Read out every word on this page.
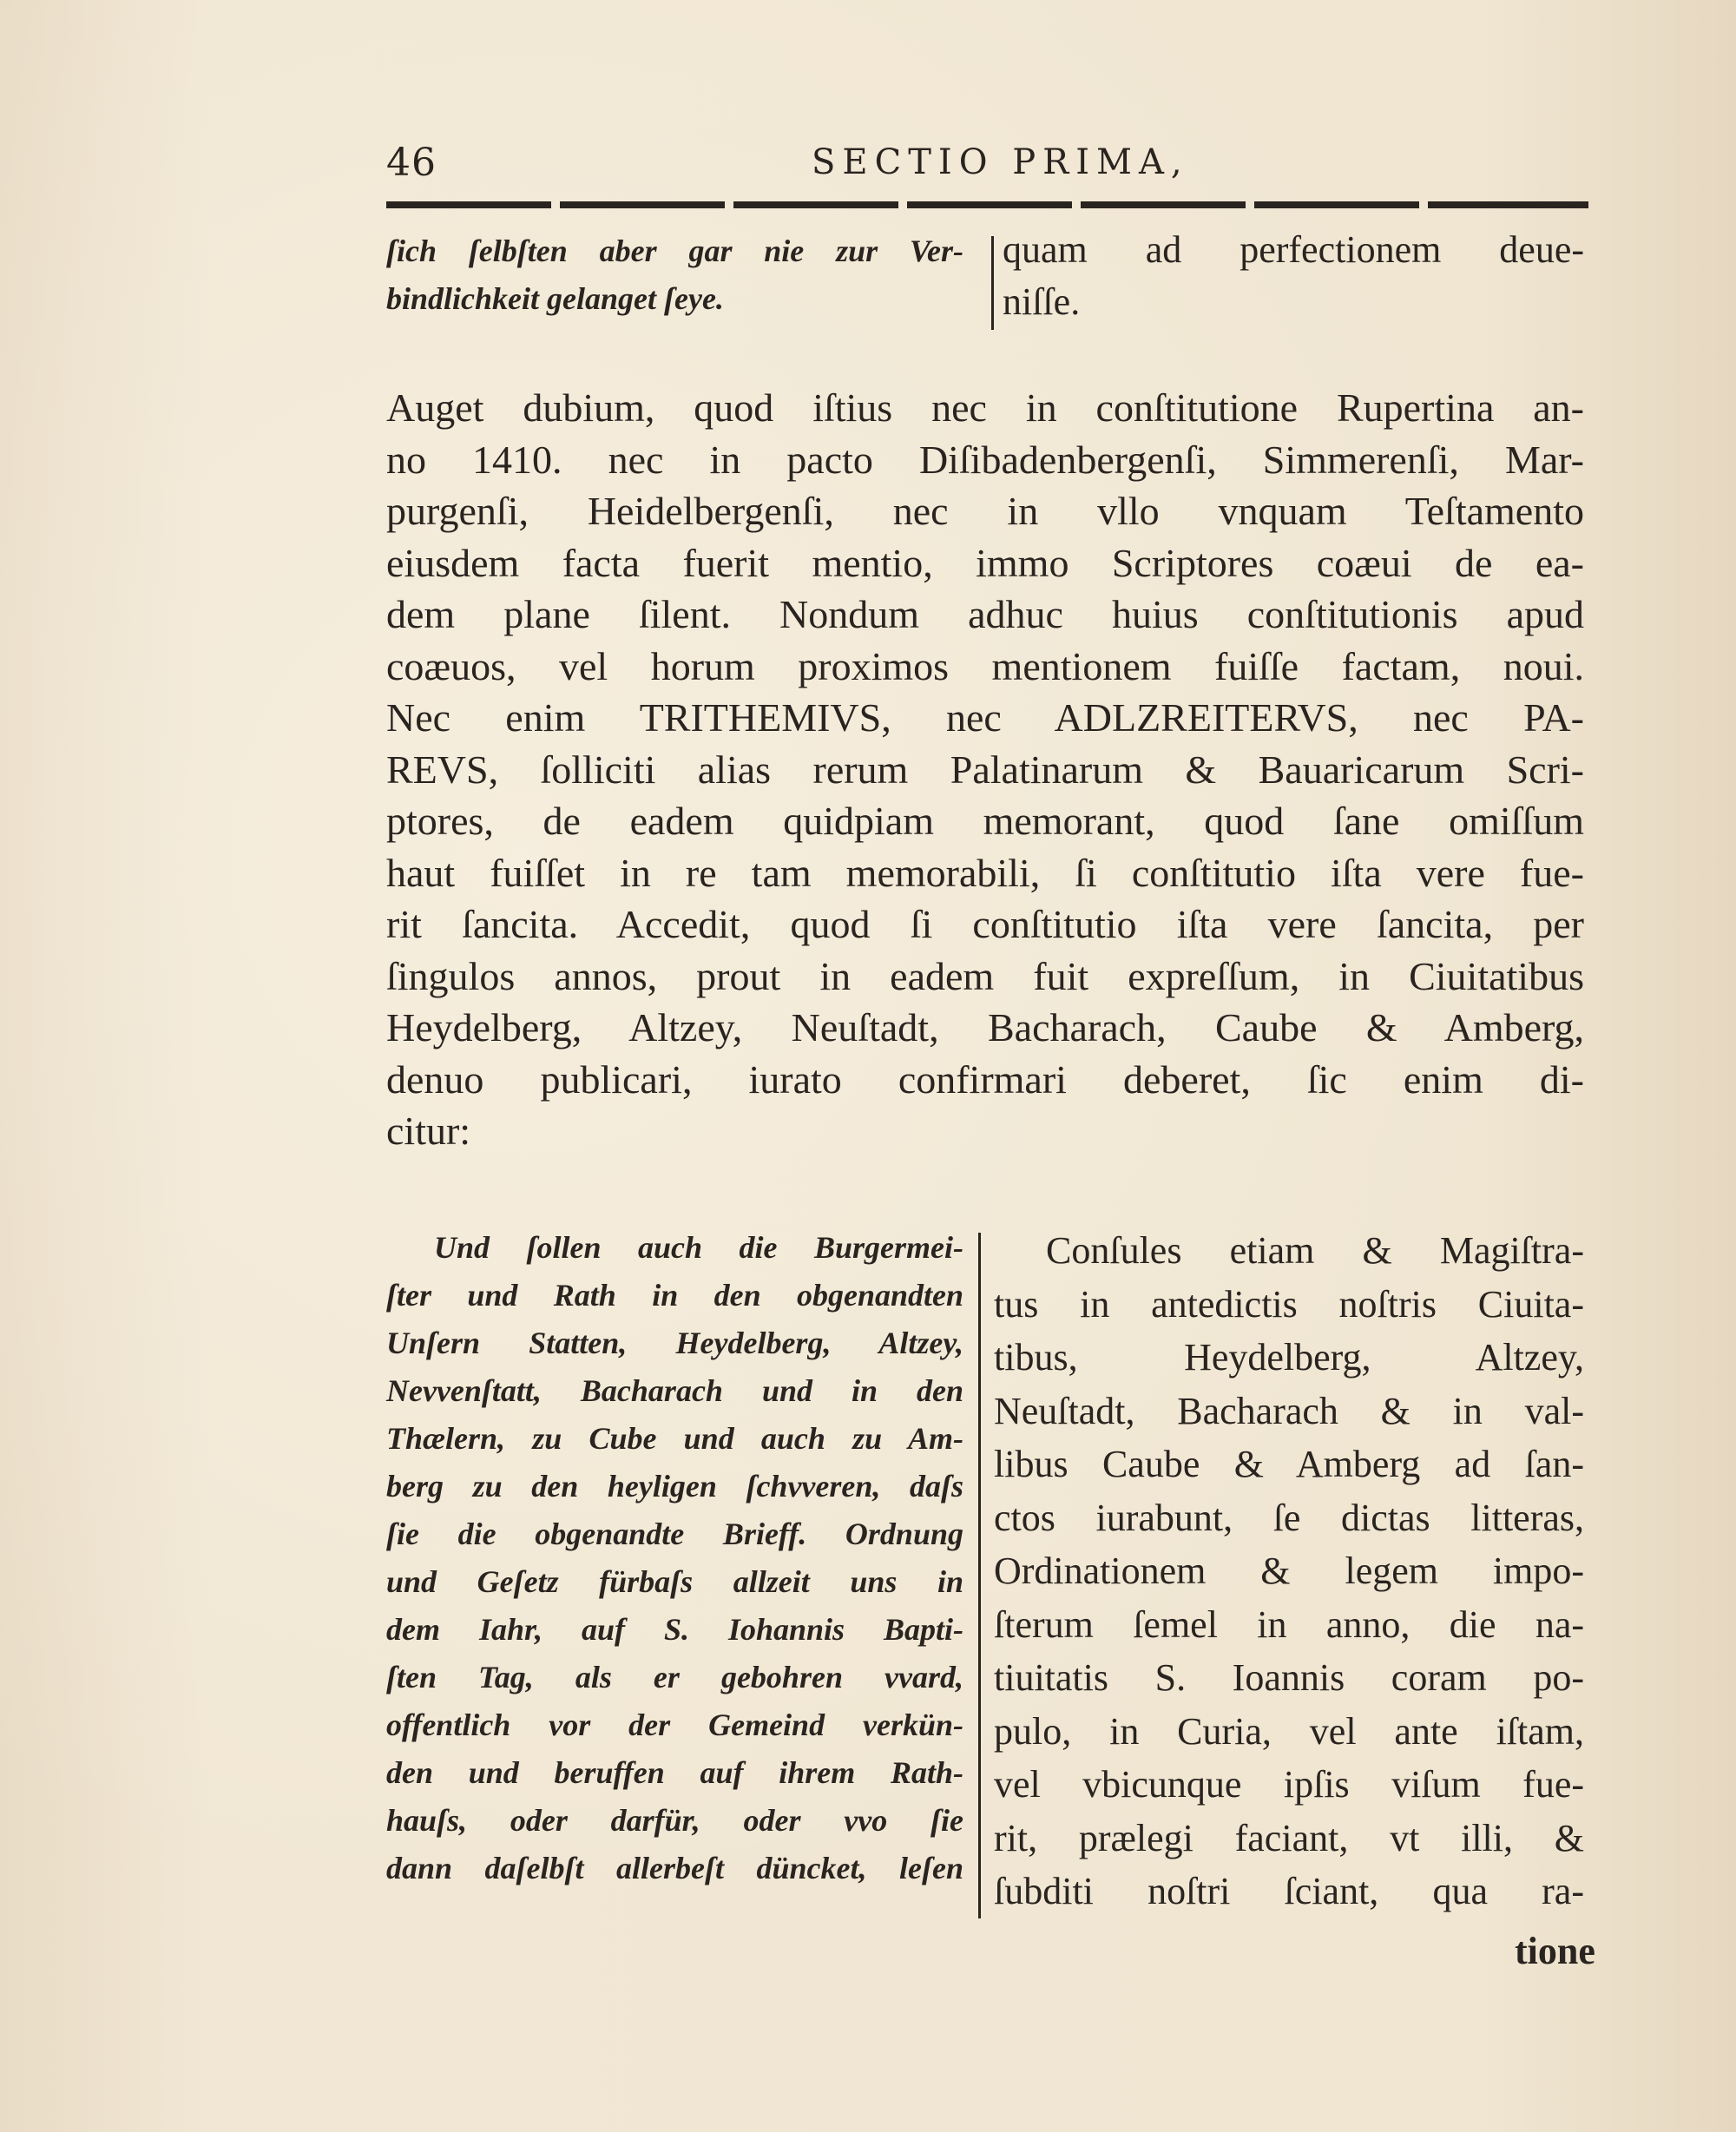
46	SECTIO PRIMA,
ſich ſelbſten aber gar nie zur Ver-
bindlichkeit gelanget ſeye.
quam ad perfectionem deue-
niſſe.
Auget dubium, quod iſtius nec in conſtitutione Rupertina an-
no 1410. nec in pacto Diſibadenbergenſi, Simmerenſi, Mar-
purgenſi, Heidelbergenſi, nec in vllo vnquam Teſtamento
eiusdem facta fuerit mentio, immo Scriptores coæui de ea-
dem plane ſilent. Nondum adhuc huius conſtitutionis apud
coæuos, vel horum proximos mentionem fuiſſe factam, noui.
Nec enim TRITHEMIVS, nec ADLZREITERVS, nec PA-
REVS, ſolliciti alias rerum Palatinarum & Bauaricarum Scri-
ptores, de eadem quidpiam memorant, quod ſane omiſſum
haut fuiſſet in re tam memorabili, ſi conſtitutio iſta vere fue-
rit ſancita. Accedit, quod ſi conſtitutio iſta vere ſancita, per
ſingulos annos, prout in eadem fuit expreſſum, in Ciuitatibus
Heydelberg, Altzey, Neuſtadt, Bacharach, Caube & Amberg,
denuo publicari, iurato confirmari deberet, ſic enim di-
citur:
Und ſollen auch die Burgermei-
ſter und Rath in den obgenandten
Unſern Statten, Heydelberg, Altzey,
Nevvenſtatt, Bacharach und in den
Thælern, zu Cube und auch zu Am-
berg zu den heyligen ſchvveren, daſs
ſie die obgenandte Brieff. Ordnung
und Geſetz fürbaſs allzeit uns in
dem Iahr, auf S. Iohannis Bapti-
ſten Tag, als er gebohren vvard,
offentlich vor der Gemeind verkün-
den und beruffen auf ihrem Rath-
hauſs, oder darfür, oder vvo ſie
dann daſelbſt allerbeſt düncket, leſen
Conſules etiam & Magiſtra-
tus in antedictis noſtris Ciuita-
tibus, Heydelberg, Altzey,
Neuſtadt, Bacharach & in val-
libus Caube & Amberg ad ſan-
ctos iurabunt, ſe dictas litteras,
Ordinationem & legem impo-
ſterum ſemel in anno, die na-
tiuitatis S. Ioannis coram po-
pulo, in Curia, vel ante iſtam,
vel vbicunque ipſis viſum fue-
rit, prælegi faciant, vt illi, &
ſubditi noſtri ſciant, qua ra-
tione
